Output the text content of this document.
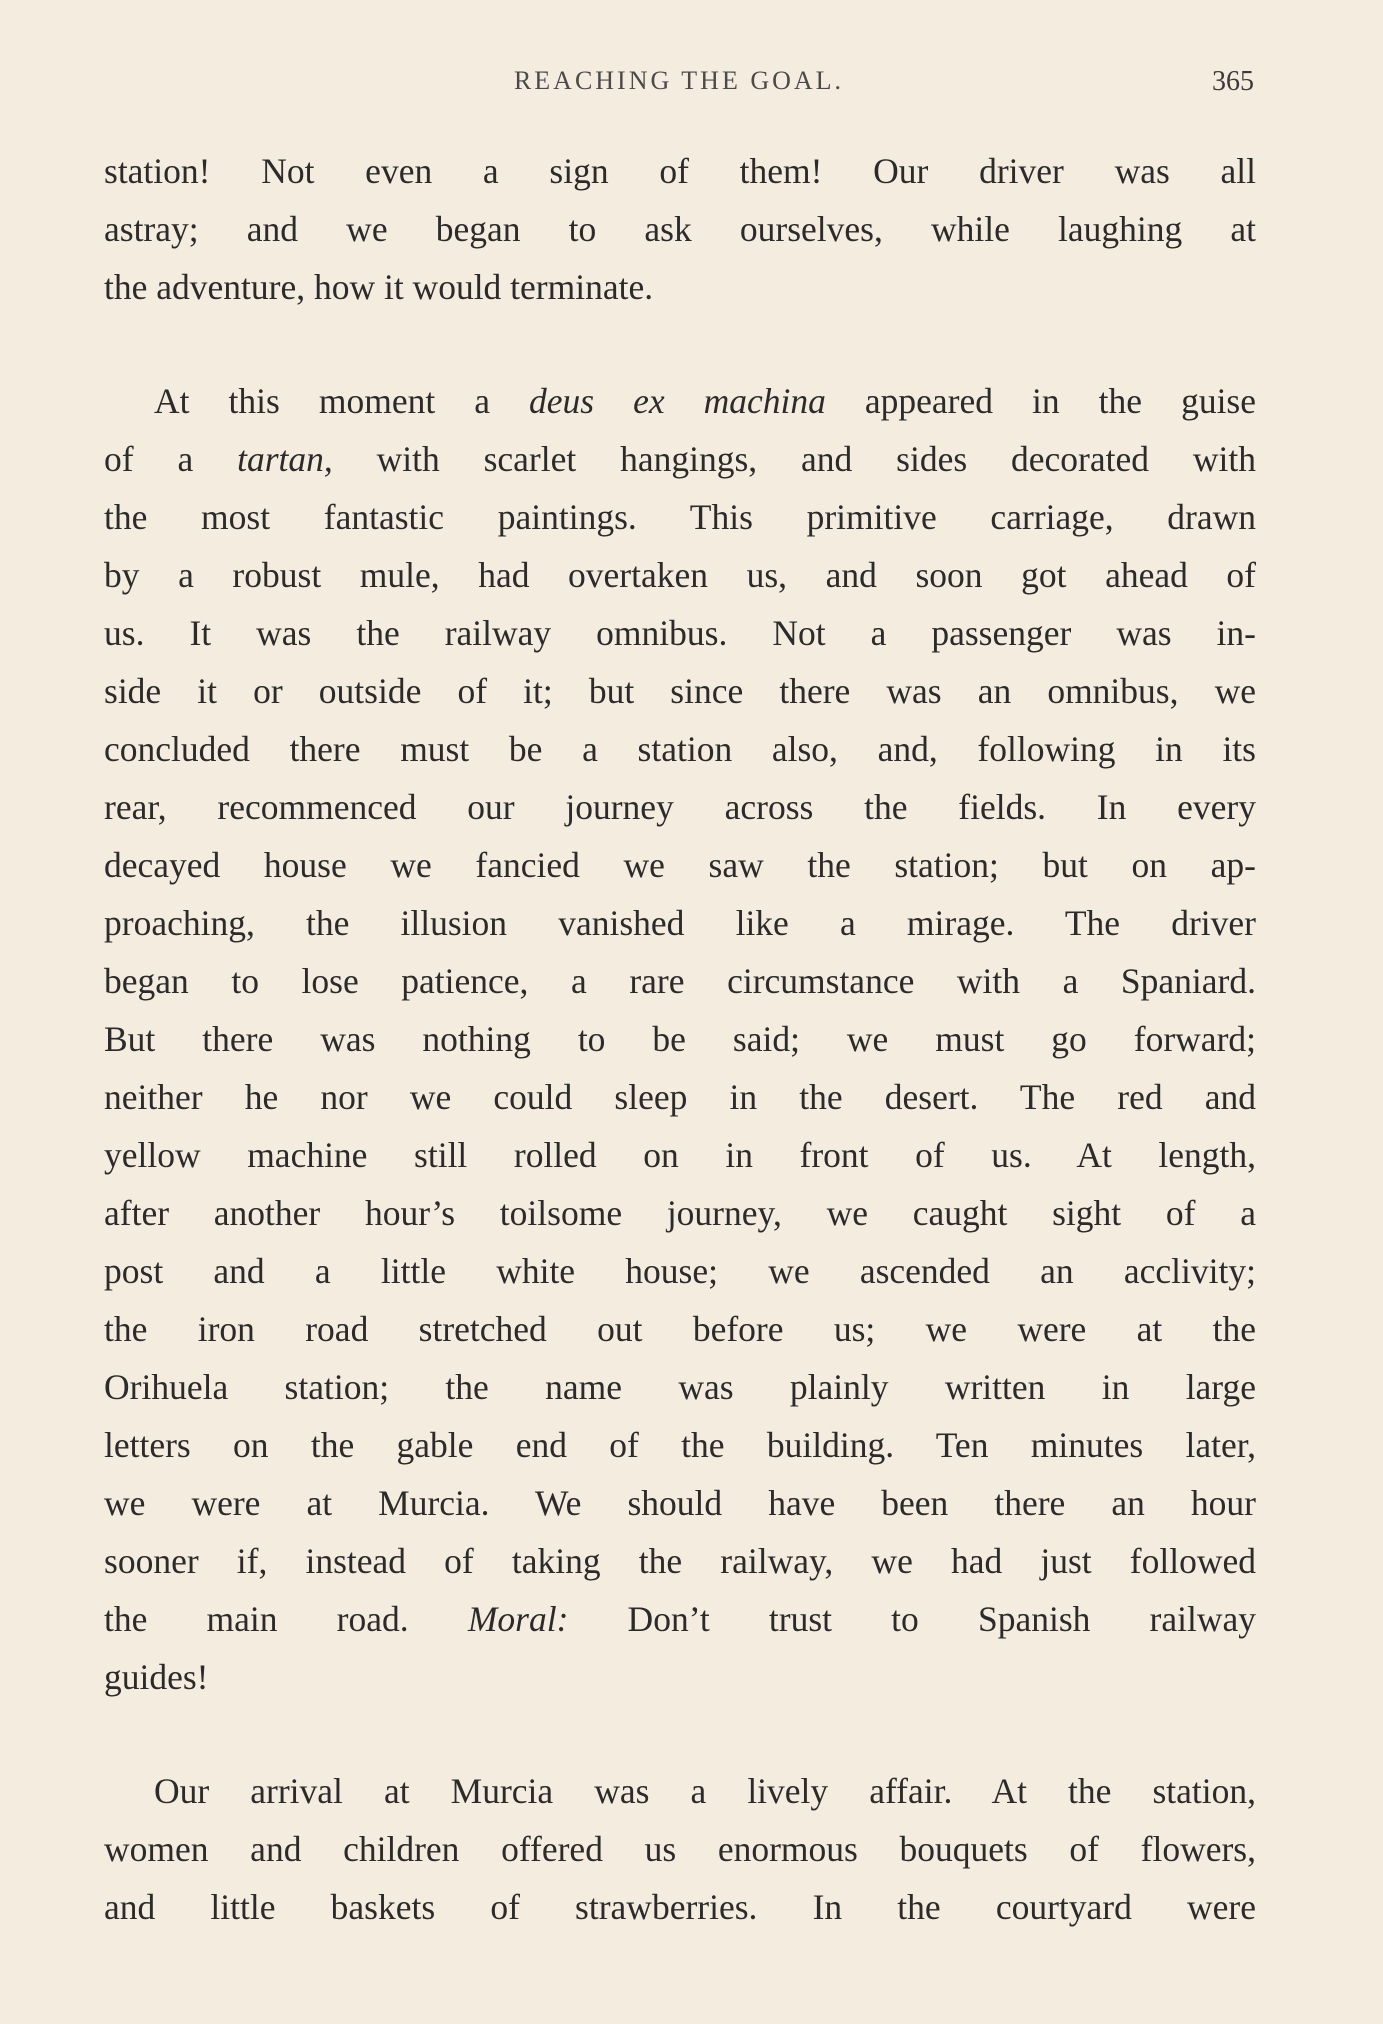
REACHING THE GOAL.	365
station! Not even a sign of them! Our driver was all
astray; and we began to ask ourselves, while laughing at
the adventure, how it would terminate.
At this moment a deus ex machina appeared in the guise
of a tartan, with scarlet hangings, and sides decorated with
the most fantastic paintings. This primitive carriage, drawn
by a robust mule, had overtaken us, and soon got ahead of
us. It was the railway omnibus. Not a passenger was in-
side it or outside of it; but since there was an omnibus, we
concluded there must be a station also, and, following in its
rear, recommenced our journey across the fields. In every
decayed house we fancied we saw the station; but on ap-
proaching, the illusion vanished like a mirage. The driver
began to lose patience, a rare circumstance with a Spaniard.
But there was nothing to be said; we must go forward;
neither he nor we could sleep in the desert. The red and
yellow machine still rolled on in front of us. At length,
after another hour’s toilsome journey, we caught sight of a
post and a little white house; we ascended an acclivity;
the iron road stretched out before us; we were at the
Orihuela station; the name was plainly written in large
letters on the gable end of the building. Ten minutes later,
we were at Murcia. We should have been there an hour
sooner if, instead of taking the railway, we had just followed
the main road. Moral: Don’t trust to Spanish railway
guides!
Our arrival at Murcia was a lively affair. At the station,
women and children offered us enormous bouquets of flowers,
and little baskets of strawberries. In the courtyard were
